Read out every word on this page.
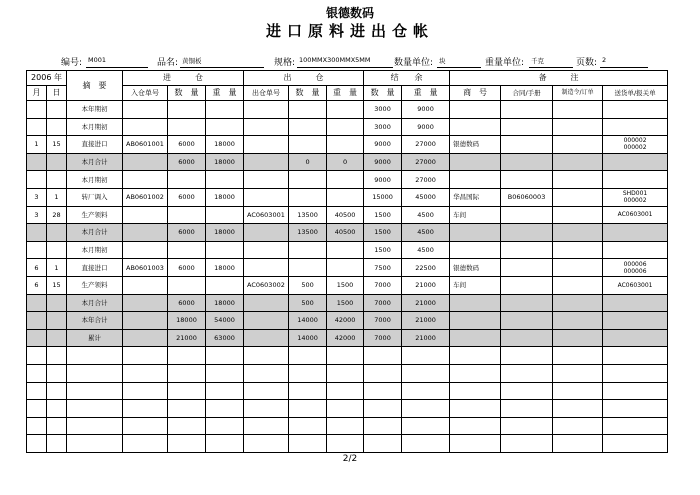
银德数码
进口原料进出仓帐
编号: M001	品名: 黄铜板	规格: 100MMX300MMX5MM	数量单位: 块	重量单位: 千克	页数: 2
2006 年		摘　要	进　　　仓			出　　　仓			结　　余		备　　　注			
月	日		入仓单号	数　量	重　量	出仓单号	数　量	重　量	数　量	重　量	商　号	合同/手册	制造令/订单	送货单/报关单
		本年期初							3000	9000				

		本月期初							3000	9000				

1	15	直接进口	AB0601001	6000	18000				9000	27000	银德数码			000002
000002

		本月合计		6000	18000		0	0	9000	27000				

		本月期初							9000	27000				

3	1	转厂调入	AB0601002	6000	18000				15000	45000	华昌国际	B06060003		SHD001
000002

3	28	生产领料				AC0603001	13500	40500	1500	4500	车间			AC0603001

		本月合计		6000	18000		13500	40500	1500	4500				

		本月期初							1500	4500				

6	1	直接进口	AB0601003	6000	18000				7500	22500	银德数码			000006
000006

6	15	生产领料				AC0603002	500	1500	7000	21000	车间			AC0603001

		本月合计		6000	18000		500	1500	7000	21000				

		本年合计		18000	54000		14000	42000	7000	21000				

		累计		21000	63000		14000	42000	7000	21000				

2/2
